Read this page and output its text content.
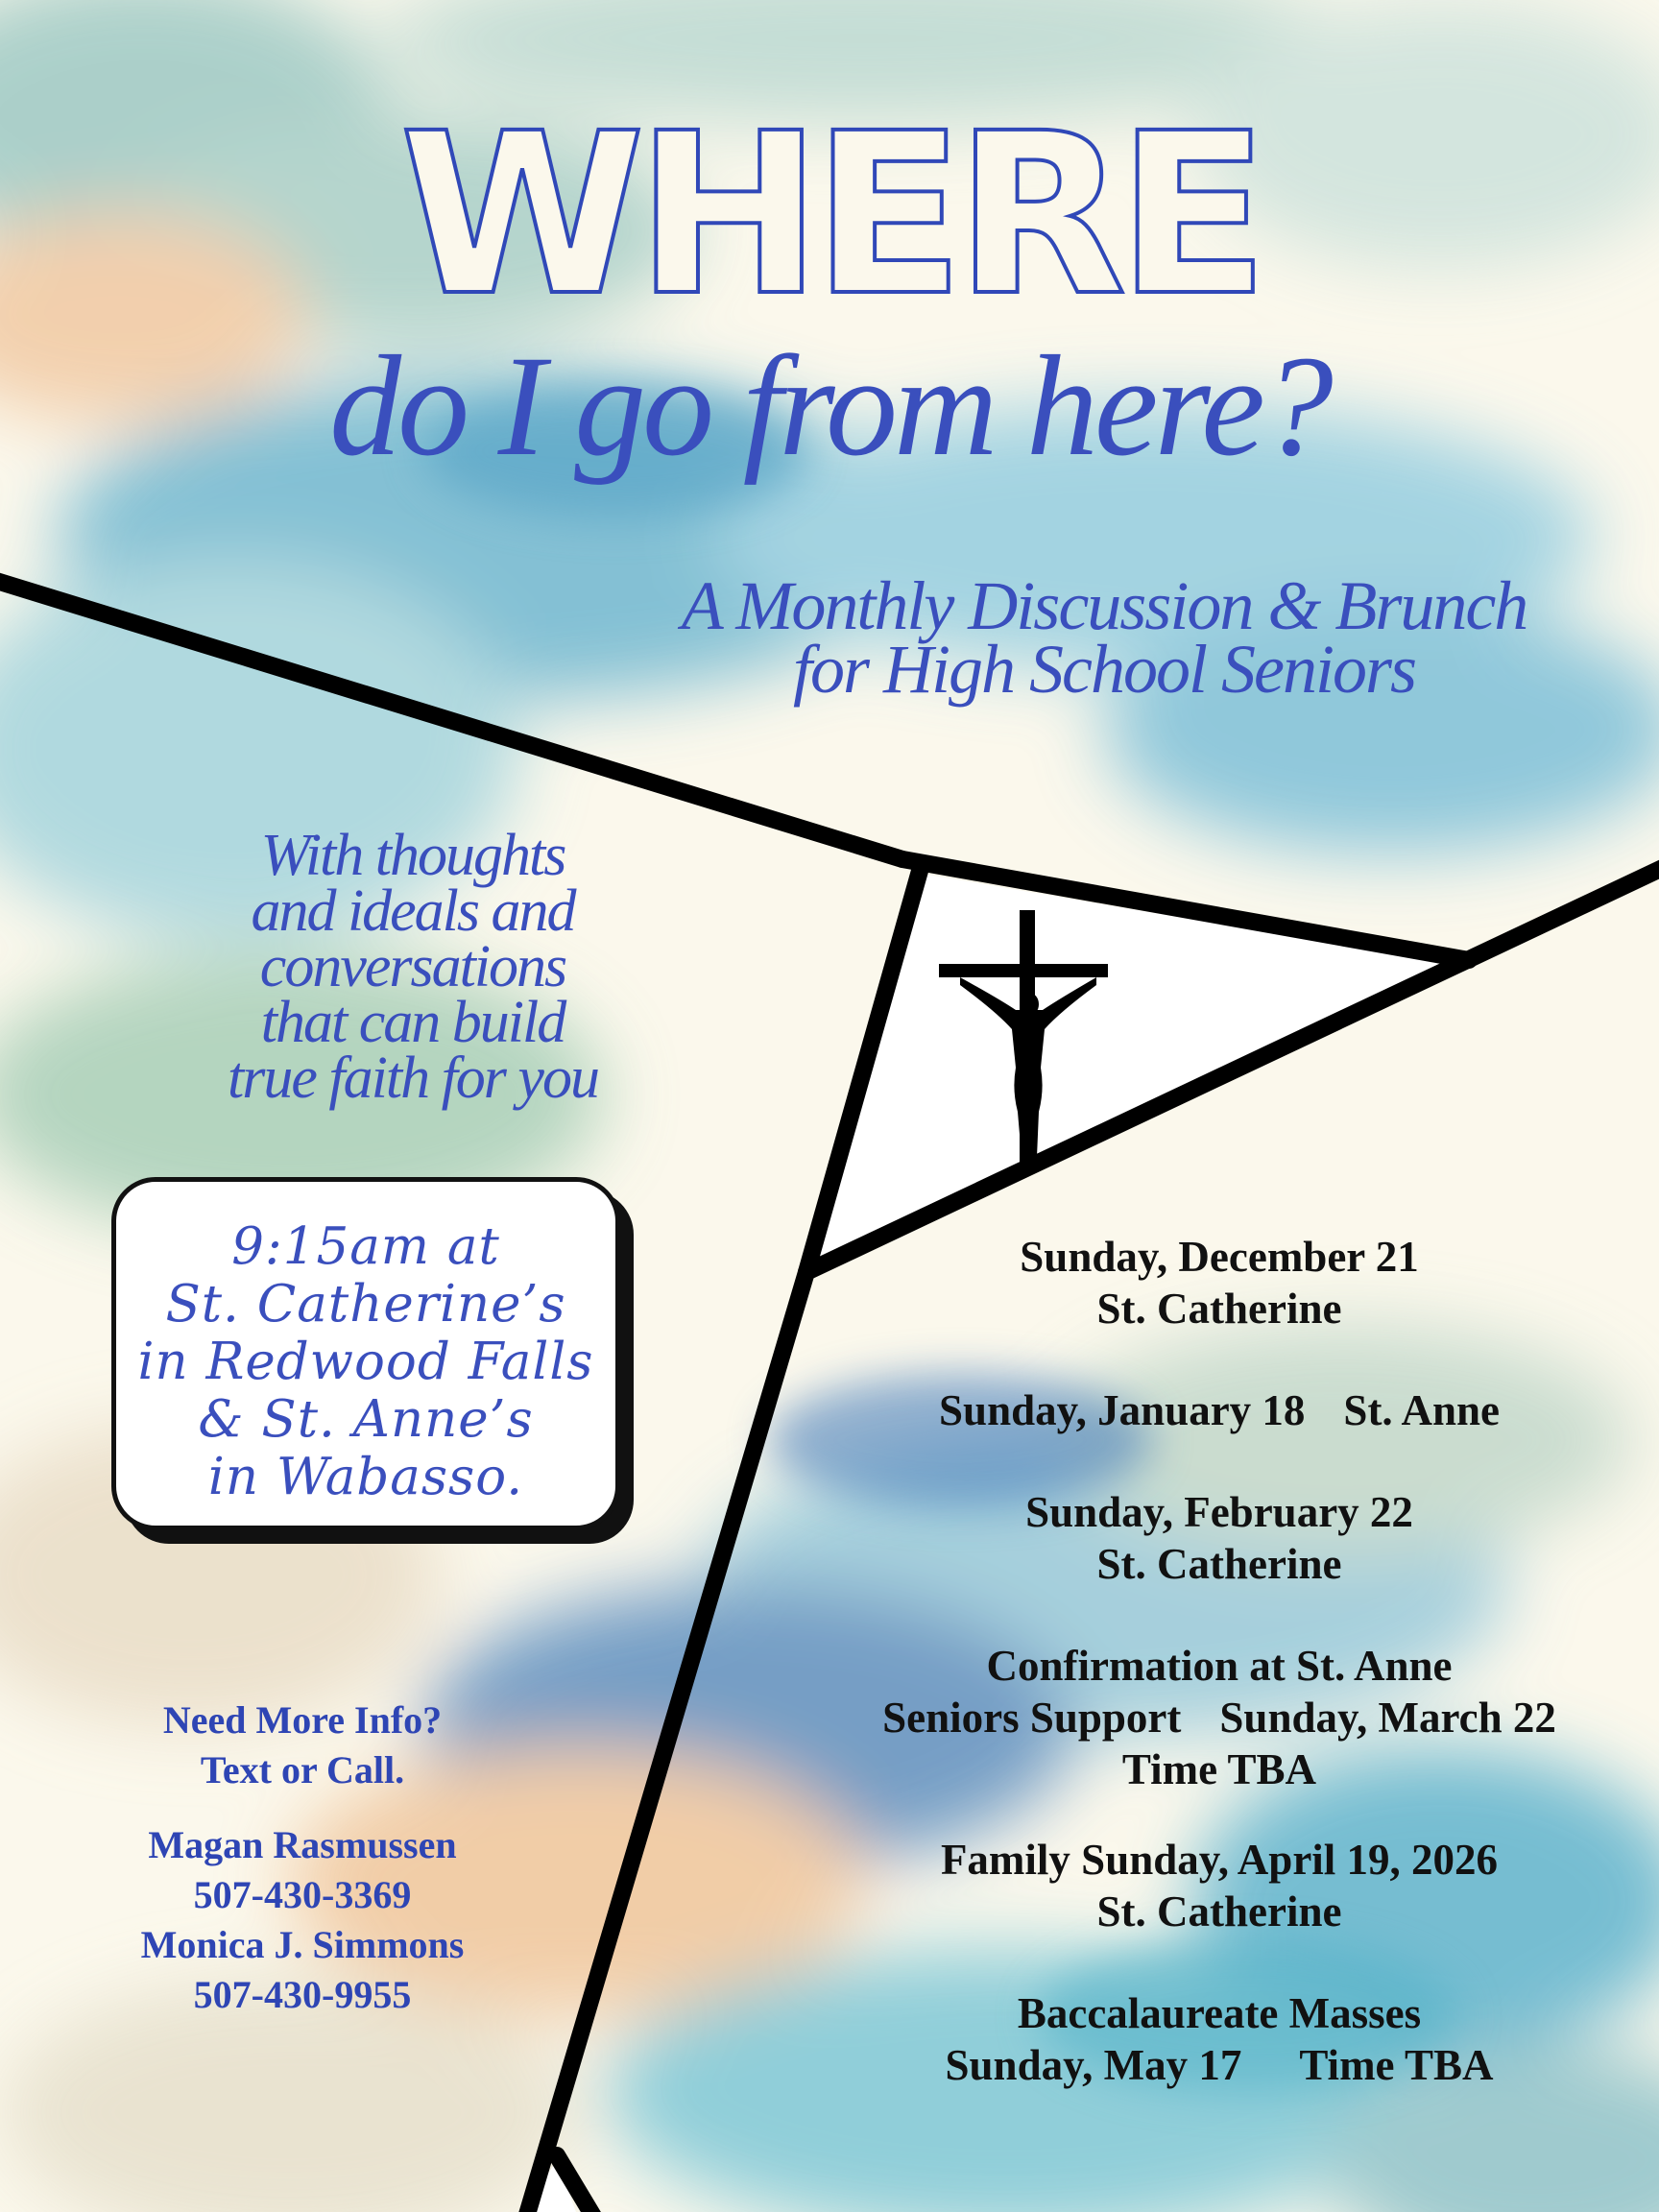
WHERE
do I go from here?
A Monthly Discussion & Brunch
for High School Seniors
With thoughts
and ideals and
conversations
that can build
true faith for you
9:15am at
St. Catherine’s
in Redwood Falls
& St. Anne’s
in Wabasso.
Need More Info?
Text or Call.
Magan Rasmussen
507-430-3369
Monica J. Simmons
507-430-9955
Sunday, December 21
St. Catherine
Sunday, January 18 St. Anne
Sunday, February 22
St. Catherine
Confirmation at St. Anne
Seniors Support Sunday, March 22
Time TBA
Family Sunday, April 19, 2026
St. Catherine
Baccalaureate Masses
Sunday, May 17 Time TBA
